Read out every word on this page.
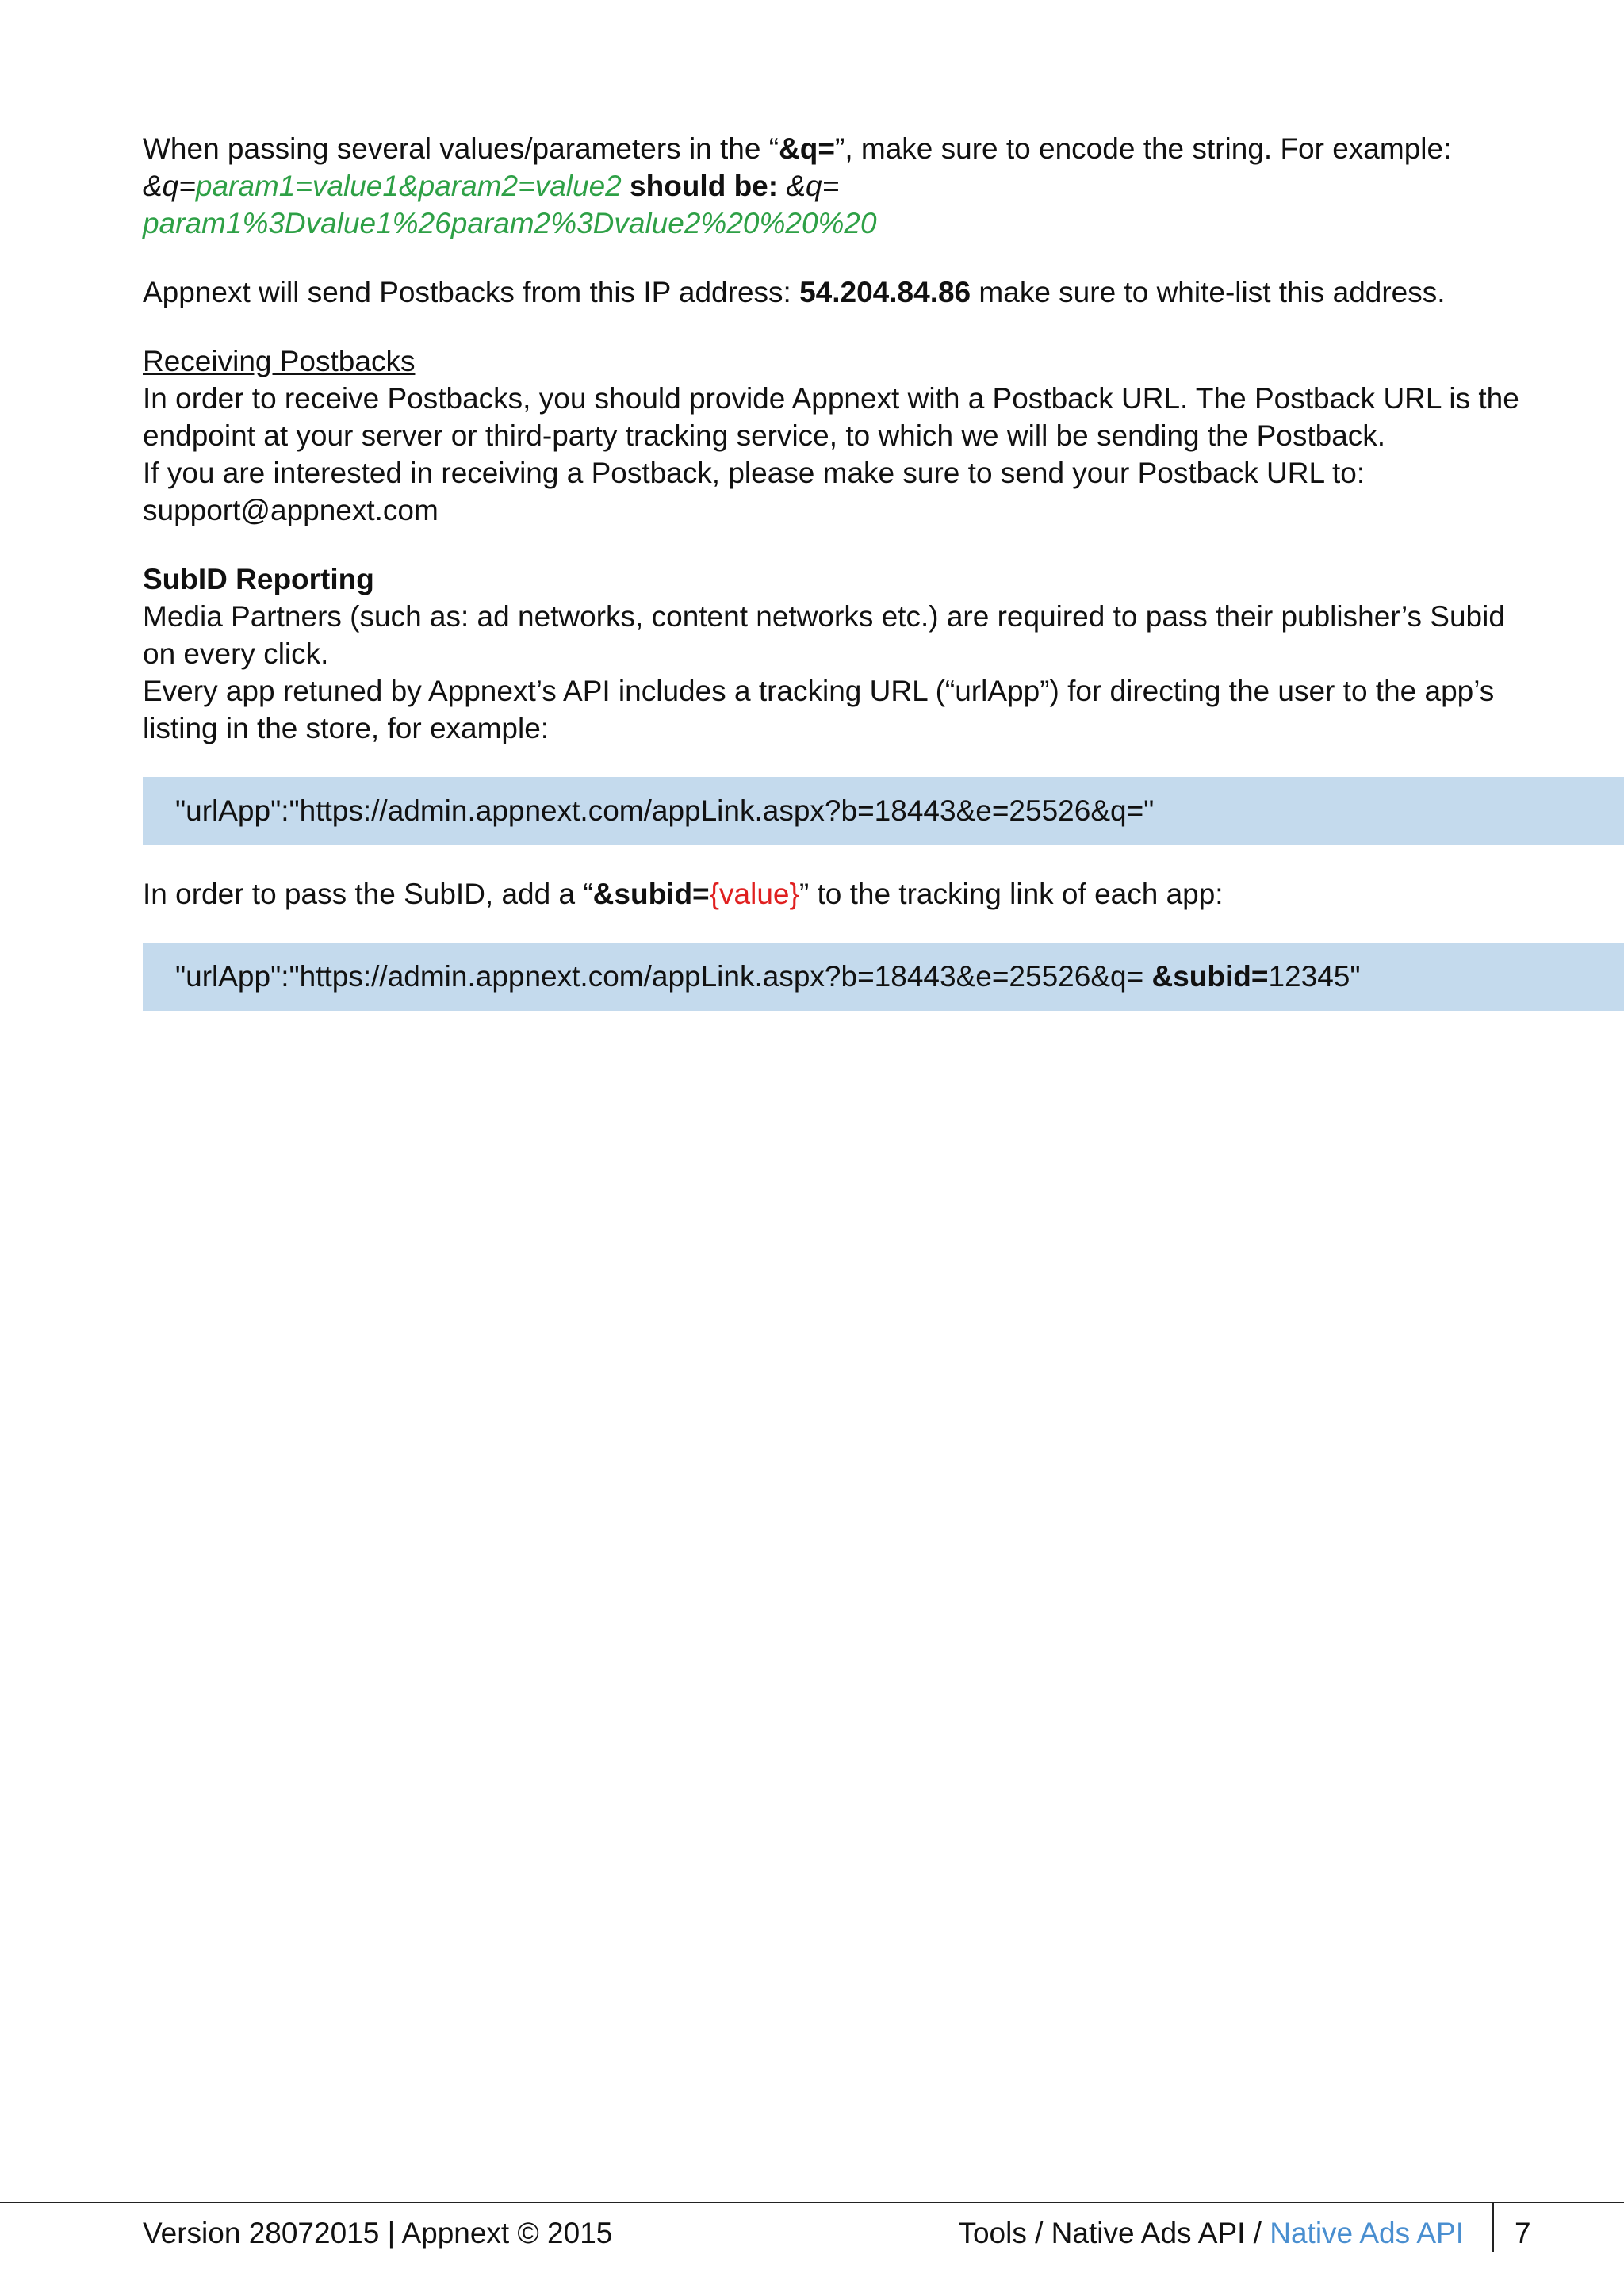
When passing several values/parameters in the “&q=”, make sure to encode the string. For example:
&q=param1=value1&param2=value2 should be: &q=
param1%3Dvalue1%26param2%3Dvalue2%20%20%20

Appnext will send Postbacks from this IP address: 54.204.84.86 make sure to white-list this address.

Receiving Postbacks
In order to receive Postbacks, you should provide Appnext with a Postback URL. The Postback URL is the endpoint at your server or third-party tracking service, to which we will be sending the Postback.
If you are interested in receiving a Postback, please make sure to send your Postback URL to:
support@appnext.com

SubID Reporting
Media Partners (such as: ad networks, content networks etc.) are required to pass their publisher’s Subid on every click.
Every app retuned by Appnext’s API includes a tracking URL (“urlApp”) for directing the user to the app’s listing in the store, for example:

"urlApp":"https://admin.appnext.com/appLink.aspx?b=18443&e=25526&q="

In order to pass the SubID, add a “&subid={value}” to the tracking link of each app:

"urlApp":"https://admin.appnext.com/appLink.aspx?b=18443&e=25526&q= &subid=12345"
Version 28072015 | Appnext © 2015	Tools / Native Ads API / Native Ads API 7
